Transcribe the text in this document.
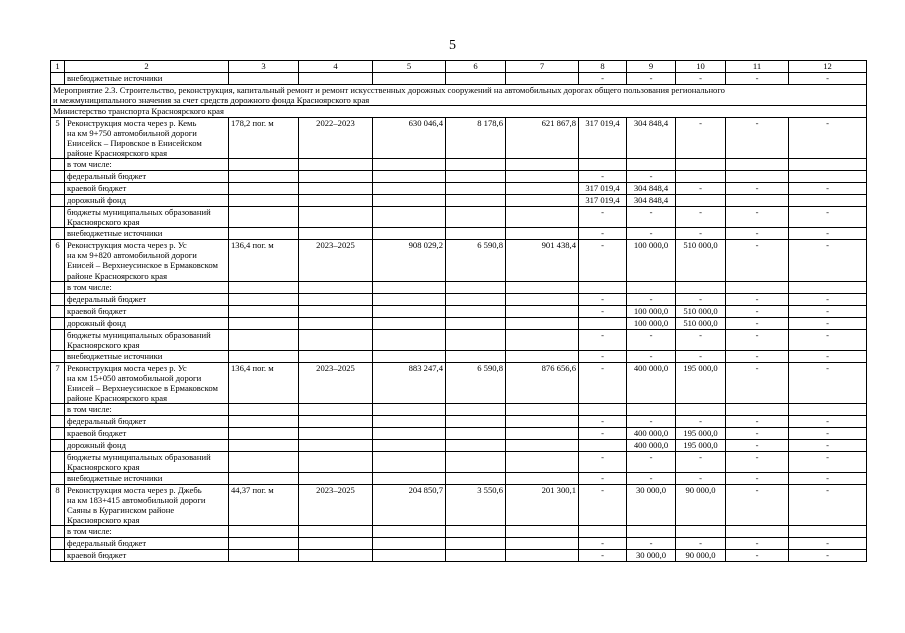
5
1	2	3	4	5	6	7	8	9	10	11	12
	внебюджетные источники						-	-	-	-	-
Мероприятие 2.3. Строительство, реконструкция, капитальный ремонт и ремонт искусственных дорожных сооружений на автомобильных дорогах общего пользования регионального
и межмуниципального значения за счет средств дорожного фонда Красноярского края											
Министерство транспорта Красноярского края											
5	Реконструкция моста через р. Кемь
на км 9+750 автомобильной дороги
Енисейск – Пировское в Енисейском
районе Красноярского края	178,2 пог. м	2022–2023	630 046,4	8 178,6	621 867,8	317 019,4	304 848,4	-	-	-
	в том числе:										
	федеральный бюджет						-	-			
	краевой бюджет						317 019,4	304 848,4	-	-	-
	дорожный фонд						317 019,4	304 848,4			
	бюджеты муниципальных образований
Красноярского края						-	-	-	-	-
	внебюджетные источники						-	-	-	-	-
6	Реконструкция моста через р. Ус
на км 9+820 автомобильной дороги
Енисей – Верхнеусинское в Ермаковском
районе Красноярского края	136,4 пог. м	2023–2025	908 029,2	6 590,8	901 438,4	-	100 000,0	510 000,0	-	-
	в том числе:										
	федеральный бюджет						-	-	-	-	-
	краевой бюджет						-	100 000,0	510 000,0	-	-
	дорожный фонд							100 000,0	510 000,0	-	-
	бюджеты муниципальных образований
Красноярского края						-	-	-	-	-
	внебюджетные источники						-	-	-	-	-
7	Реконструкция моста через р. Ус
на км 15+050 автомобильной дороги
Енисей – Верхнеусинское в Ермаковском
районе Красноярского края	136,4 пог. м	2023–2025	883 247,4	6 590,8	876 656,6	-	400 000,0	195 000,0	-	-
	в том числе:										
	федеральный бюджет						-	-	-	-	-
	краевой бюджет						-	400 000,0	195 000,0	-	-
	дорожный фонд							400 000,0	195 000,0	-	-
	бюджеты муниципальных образований
Красноярского края						-	-	-	-	-
	внебюджетные источники						-	-	-	-	-
8	Реконструкция моста через р. Джебь
на км 183+415 автомобильной дороги
Саяны в Курагинском районе
Красноярского края	44,37 пог. м	2023–2025	204 850,7	3 550,6	201 300,1	-	30 000,0	90 000,0	-	-
	в том числе:										
	федеральный бюджет						-	-	-	-	-
	краевой бюджет						-	30 000,0	90 000,0	-	-
